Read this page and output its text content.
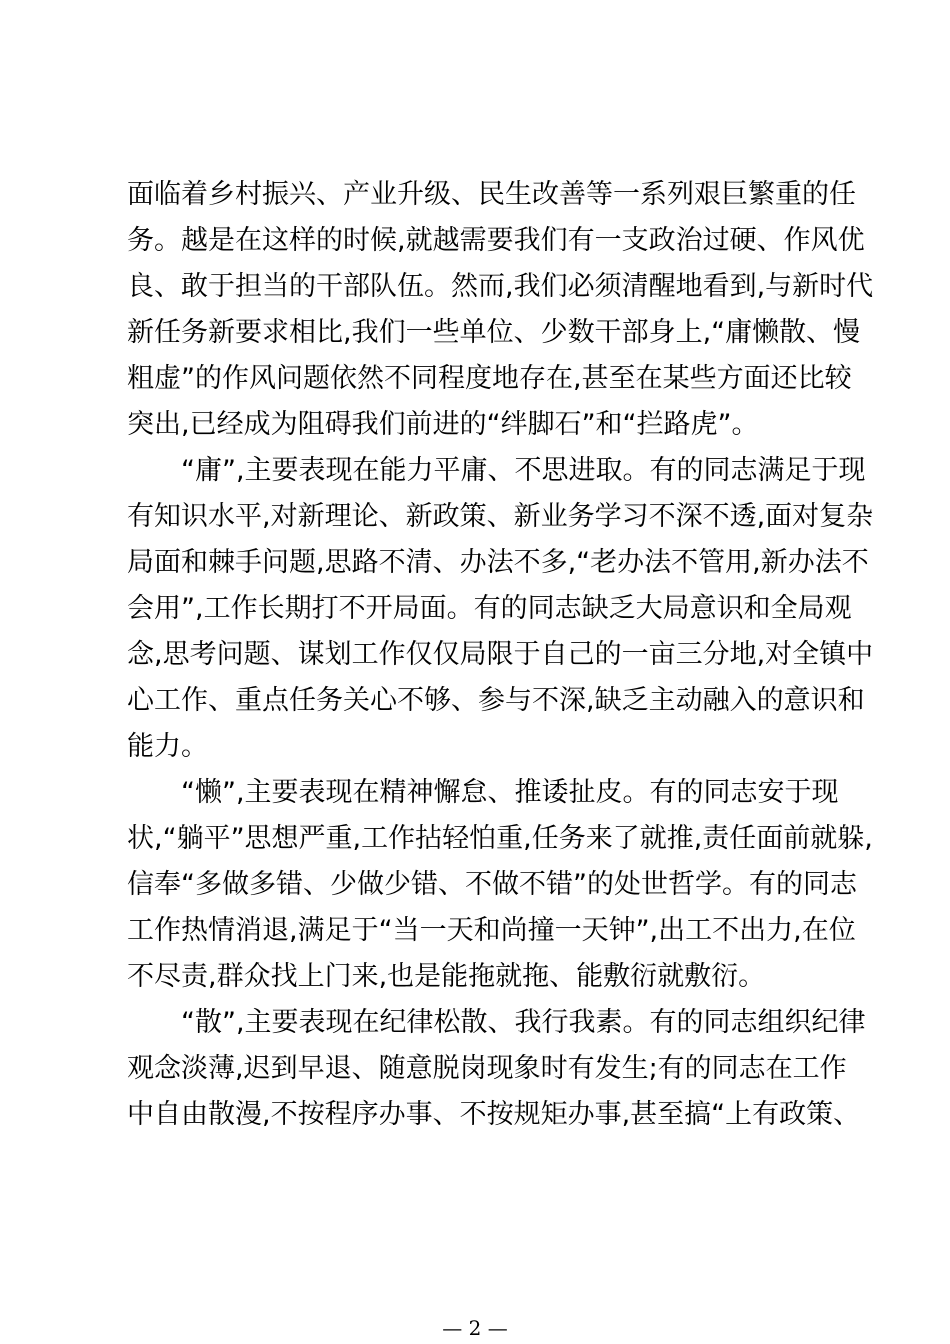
面临着乡村振兴、产业升级、民生改善等一系列艰巨繁重的任
务。越是在这样的时候,就越需要我们有一支政治过硬、作风优
良、敢于担当的干部队伍。然而,我们必须清醒地看到,与新时代
新任务新要求相比,我们一些单位、少数干部身上,“庸懒散、慢
粗虚”的作风问题依然不同程度地存在,甚至在某些方面还比较
突出,已经成为阻碍我们前进的“绊脚石”和“拦路虎”。
“庸”,主要表现在能力平庸、不思进取。有的同志满足于现
有知识水平,对新理论、新政策、新业务学习不深不透,面对复杂
局面和棘手问题,思路不清、办法不多,“老办法不管用,新办法不
会用”,工作长期打不开局面。有的同志缺乏大局意识和全局观
念,思考问题、谋划工作仅仅局限于自己的一亩三分地,对全镇中
心工作、重点任务关心不够、参与不深,缺乏主动融入的意识和
能力。
“懒”,主要表现在精神懈怠、推诿扯皮。有的同志安于现
状,“躺平”思想严重,工作拈轻怕重,任务来了就推,责任面前就躲,
信奉“多做多错、少做少错、不做不错”的处世哲学。有的同志
工作热情消退,满足于“当一天和尚撞一天钟”,出工不出力,在位
不尽责,群众找上门来,也是能拖就拖、能敷衍就敷衍。
“散”,主要表现在纪律松散、我行我素。有的同志组织纪律
观念淡薄,迟到早退、随意脱岗现象时有发生;有的同志在工作
中自由散漫,不按程序办事、不按规矩办事,甚至搞“上有政策、
— 2 —
